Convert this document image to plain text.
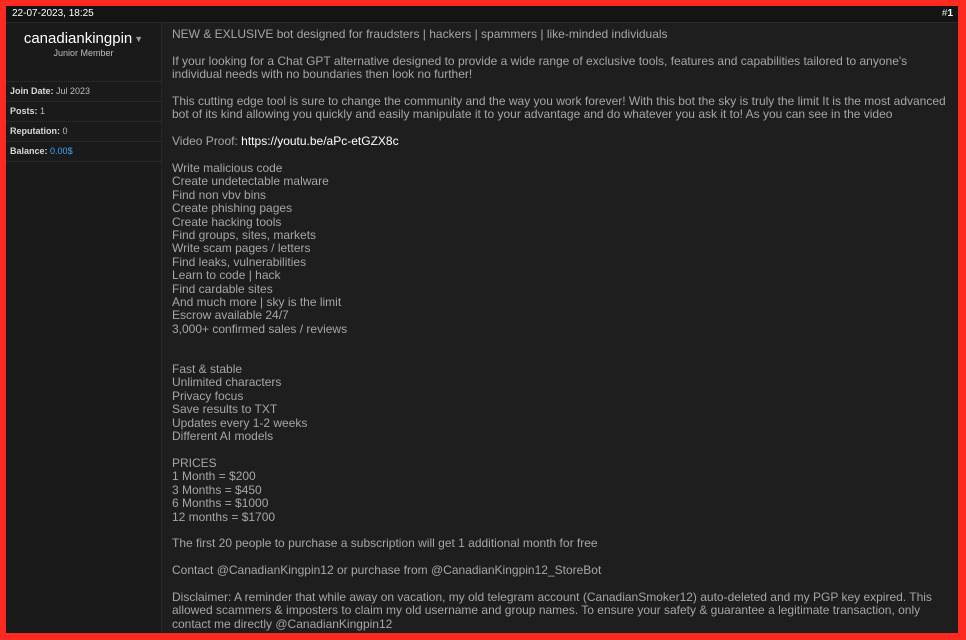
22-07-2023, 18:25	#1
canadiankingpin ▼
Junior Member
Join Date: Jul 2023
Posts: 1
Reputation: 0
Balance: 0.00$

NEW & EXLUSIVE bot designed for fraudsters | hackers | spammers | like-minded individuals

If your looking for a Chat GPT alternative designed to provide a wide range of exclusive tools, features and capabilities tailored to anyone's individual needs with no boundaries then look no further!

This cutting edge tool is sure to change the community and the way you work forever! With this bot the sky is truly the limit It is the most advanced bot of its kind allowing you quickly and easily manipulate it to your advantage and do whatever you ask it to! As you can see in the video

Video Proof: https://youtu.be/aPc-etGZX8c

Write malicious code

Create undetectable malware

Find non vbv bins

Create phishing pages

Create hacking tools

Find groups, sites, markets

Write scam pages / letters

Find leaks, vulnerabilities

Learn to code | hack

Find cardable sites

And much more | sky is the limit

Escrow available 24/7

3,000+ confirmed sales / reviews

Fast & stable

Unlimited characters

Privacy focus

Save results to TXT

Updates every 1-2 weeks

Different AI models

PRICES

1 Month = $200

3 Months = $450

6 Months = $1000

12 months = $1700

The first 20 people to purchase a subscription will get 1 additional month for free

Contact @CanadianKingpin12 or purchase from @CanadianKingpin12_StoreBot

Disclaimer: A reminder that while away on vacation, my old telegram account (CanadianSmoker12) auto-deleted and my PGP key expired. This allowed scammers & imposters to claim my old username and group names. To ensure your safety & guarantee a legitimate transaction, only contact me directly @CanadianKingpin12
